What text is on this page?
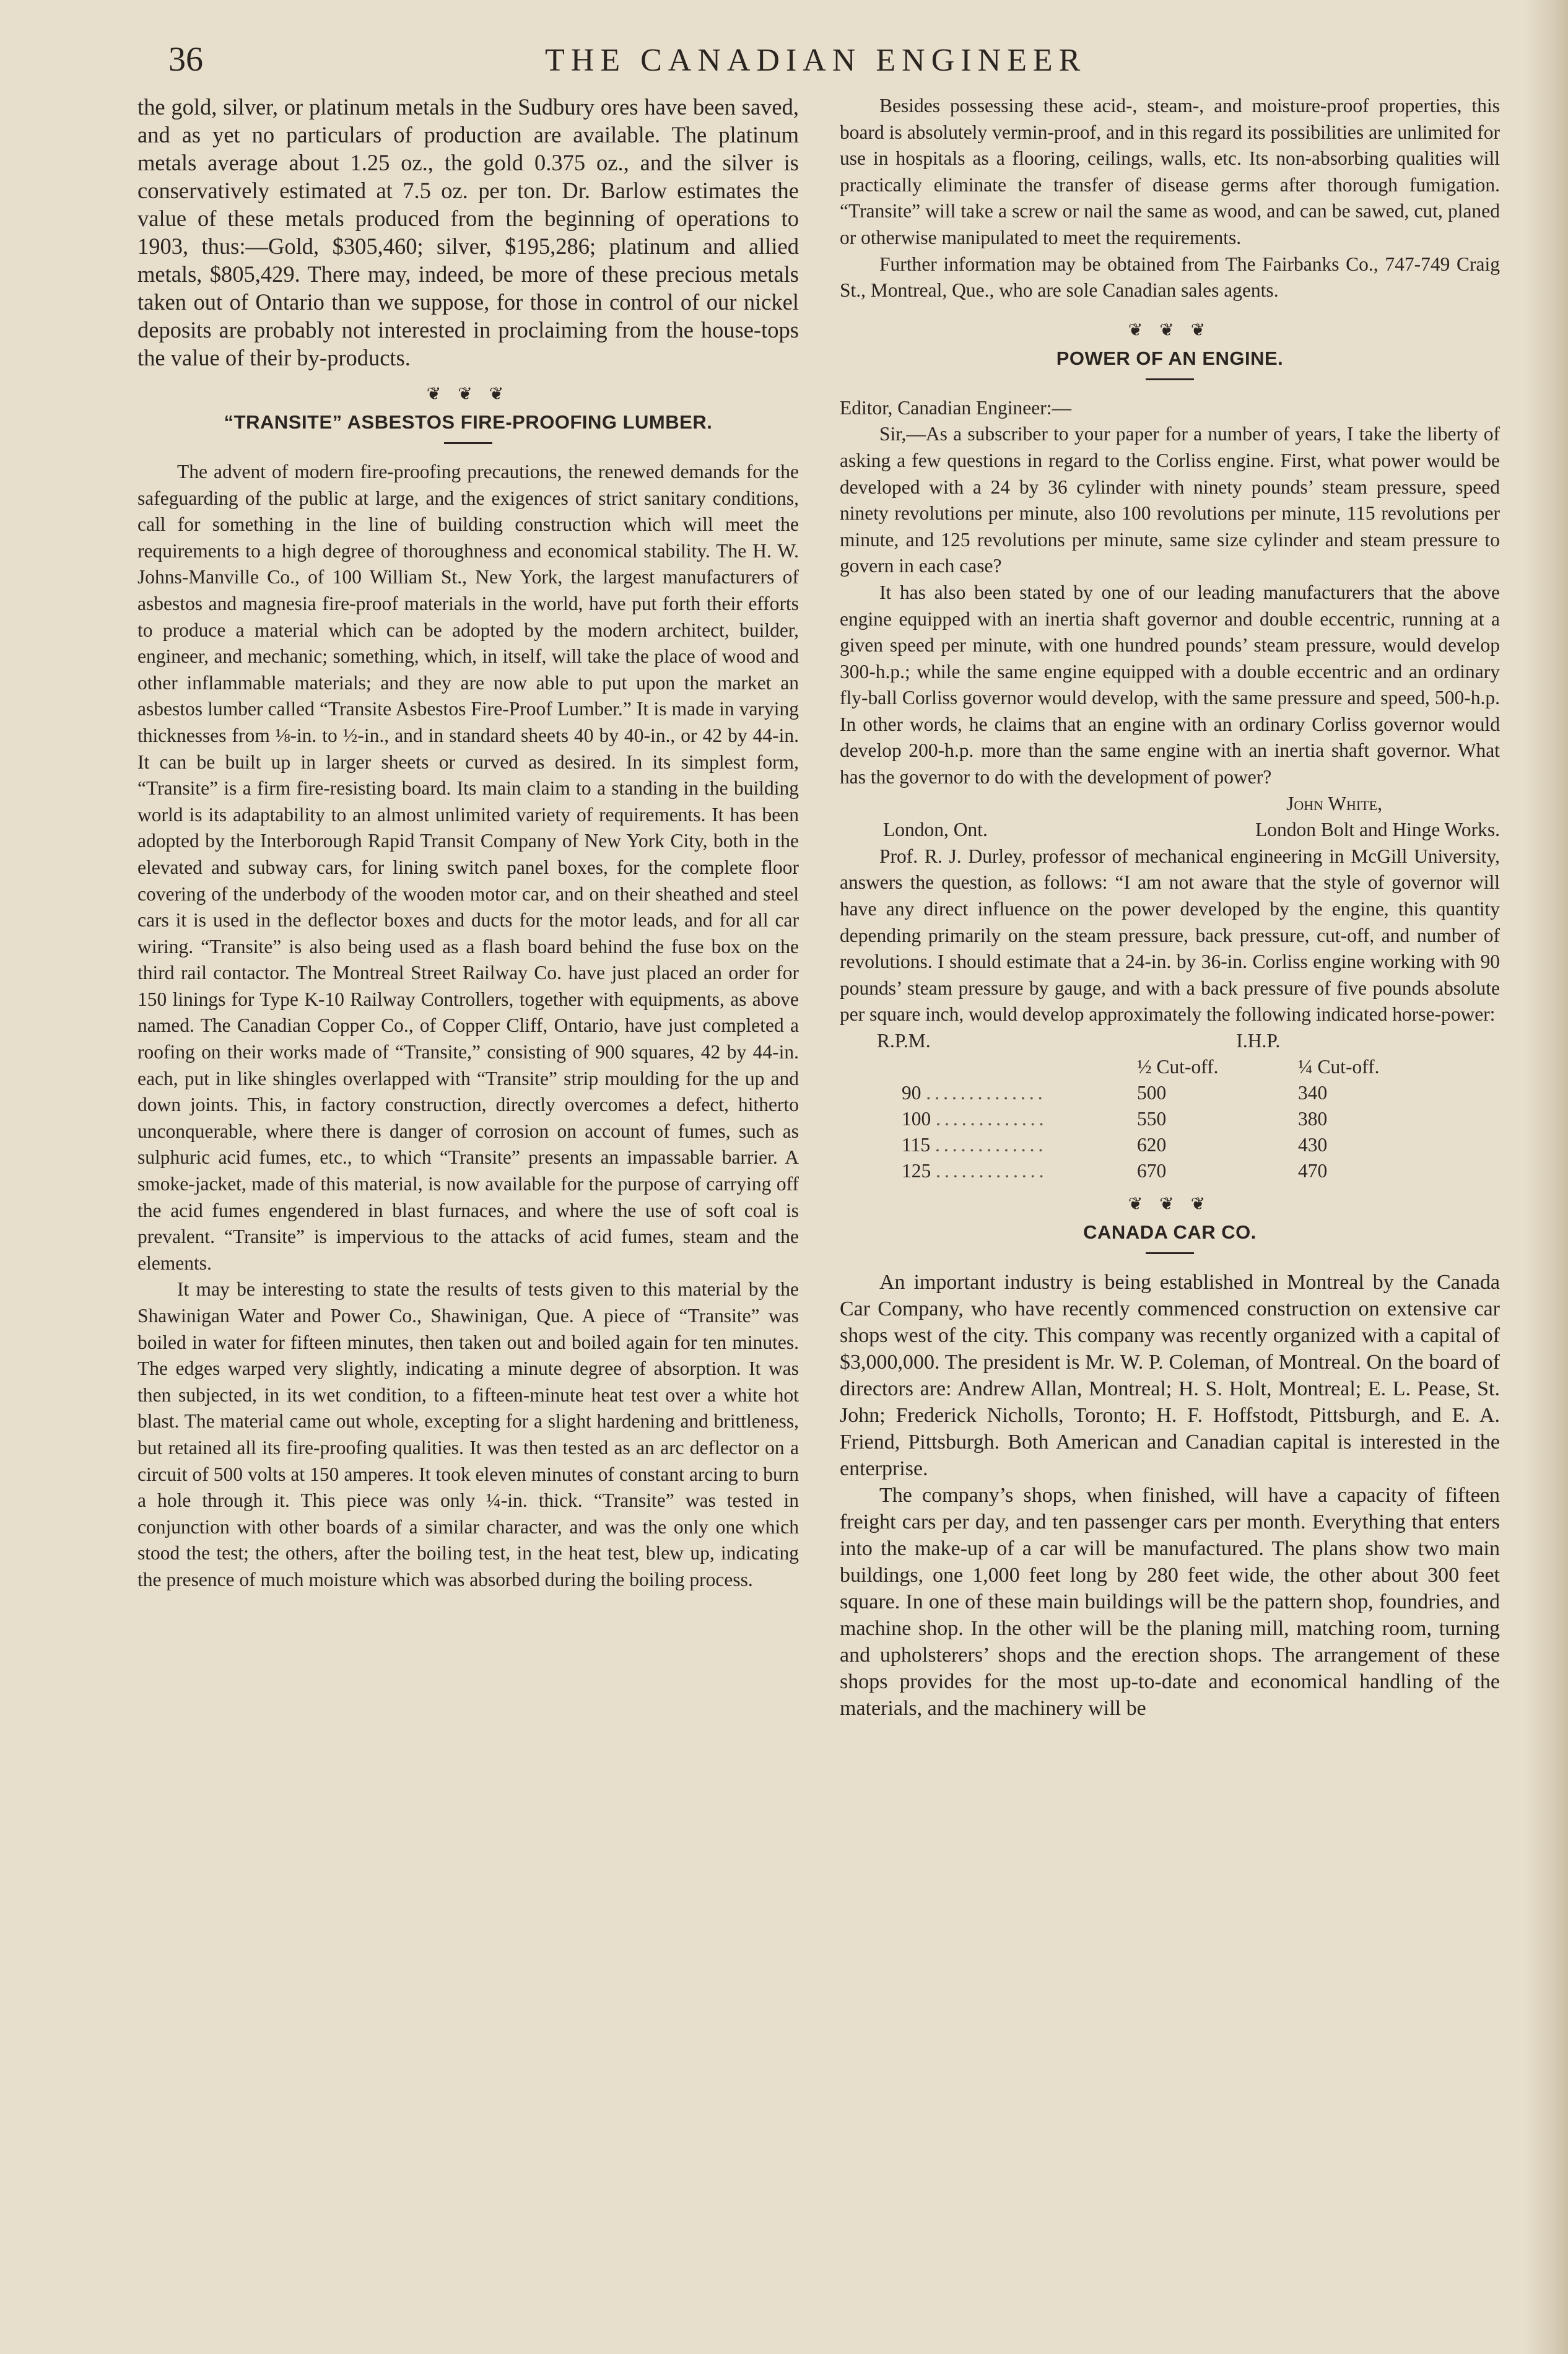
36	THE CANADIAN ENGINEER

the gold, silver, or platinum metals in the Sudbury ores have been saved, and as yet no particulars of production are available. The platinum metals average about 1.25 oz., the gold 0.375 oz., and the silver is conservatively estimated at 7.5 oz. per ton. Dr. Barlow estimates the value of these metals produced from the beginning of operations to 1903, thus:—Gold, $305,460; silver, $195,286; platinum and allied metals, $805,429. There may, indeed, be more of these precious metals taken out of Ontario than we suppose, for those in control of our nickel deposits are probably not interested in proclaiming from the house-tops the value of their by-products.

❦ ❦ ❦
“TRANSITE” ASBESTOS FIRE-PROOFING LUMBER.

The advent of modern fire-proofing precautions, the renewed demands for the safeguarding of the public at large, and the exigences of strict sanitary conditions, call for something in the line of building construction which will meet the requirements to a high degree of thoroughness and economical stability. The H. W. Johns-Manville Co., of 100 William St., New York, the largest manufacturers of asbestos and magnesia fire-proof materials in the world, have put forth their efforts to produce a material which can be adopted by the modern architect, builder, engineer, and mechanic; something, which, in itself, will take the place of wood and other inflammable materials; and they are now able to put upon the market an asbestos lumber called “Transite Asbestos Fire-Proof Lumber.” It is made in varying thicknesses from ⅛-in. to ½-in., and in standard sheets 40 by 40-in., or 42 by 44-in. It can be built up in larger sheets or curved as desired. In its simplest form, “Transite” is a firm fire-resisting board. Its main claim to a standing in the building world is its adaptability to an almost unlimited variety of requirements. It has been adopted by the Interborough Rapid Transit Company of New York City, both in the elevated and subway cars, for lining switch panel boxes, for the complete floor covering of the underbody of the wooden motor car, and on their sheathed and steel cars it is used in the deflector boxes and ducts for the motor leads, and for all car wiring. “Transite” is also being used as a flash board behind the fuse box on the third rail contactor. The Montreal Street Railway Co. have just placed an order for 150 linings for Type K-10 Railway Controllers, together with equipments, as above named. The Canadian Copper Co., of Copper Cliff, Ontario, have just completed a roofing on their works made of “Transite,” consisting of 900 squares, 42 by 44-in. each, put in like shingles overlapped with “Transite” strip moulding for the up and down joints. This, in factory construction, directly overcomes a defect, hitherto unconquerable, where there is danger of corrosion on account of fumes, such as sulphuric acid fumes, etc., to which “Transite” presents an impassable barrier. A smoke-jacket, made of this material, is now available for the purpose of carrying off the acid fumes engendered in blast furnaces, and where the use of soft coal is prevalent. “Transite” is impervious to the attacks of acid fumes, steam and the elements.

It may be interesting to state the results of tests given to this material by the Shawinigan Water and Power Co., Shawinigan, Que. A piece of “Transite” was boiled in water for fifteen minutes, then taken out and boiled again for ten minutes. The edges warped very slightly, indicating a minute degree of absorption. It was then subjected, in its wet condition, to a fifteen-minute heat test over a white hot blast. The material came out whole, excepting for a slight hardening and brittleness, but retained all its fire-proofing qualities. It was then tested as an arc deflector on a circuit of 500 volts at 150 amperes. It took eleven minutes of constant arcing to burn a hole through it. This piece was only ¼-in. thick. “Transite” was tested in conjunction with other boards of a similar character, and was the only one which stood the test; the others, after the boiling test, in the heat test, blew up, indicating the presence of much moisture which was absorbed during the boiling process.

Besides possessing these acid-, steam-, and moisture-proof properties, this board is absolutely vermin-proof, and in this regard its possibilities are unlimited for use in hospitals as a flooring, ceilings, walls, etc. Its non-absorbing qualities will practically eliminate the transfer of disease germs after thorough fumigation. “Transite” will take a screw or nail the same as wood, and can be sawed, cut, planed or otherwise manipulated to meet the requirements.

Further information may be obtained from The Fairbanks Co., 747-749 Craig St., Montreal, Que., who are sole Canadian sales agents.

❦ ❦ ❦
POWER OF AN ENGINE.

Editor, Canadian Engineer:—

Sir,—As a subscriber to your paper for a number of years, I take the liberty of asking a few questions in regard to the Corliss engine. First, what power would be developed with a 24 by 36 cylinder with ninety pounds’ steam pressure, speed ninety revolutions per minute, also 100 revolutions per minute, 115 revolutions per minute, and 125 revolutions per minute, same size cylinder and steam pressure to govern in each case?

It has also been stated by one of our leading manufacturers that the above engine equipped with an inertia shaft governor and double eccentric, running at a given speed per minute, with one hundred pounds’ steam pressure, would develop 300-h.p.; while the same engine equipped with a double eccentric and an ordinary fly-ball Corliss governor would develop, with the same pressure and speed, 500-h.p. In other words, he claims that an engine with an ordinary Corliss governor would develop 200-h.p. more than the same engine with an inertia shaft governor. What has the governor to do with the development of power?

John White,
London, Ont.	London Bolt and Hinge Works.

Prof. R. J. Durley, professor of mechanical engineering in McGill University, answers the question, as follows: “I am not aware that the style of governor will have any direct influence on the power developed by the engine, this quantity depending primarily on the steam pressure, back pressure, cut-off, and number of revolutions. I should estimate that a 24-in. by 36-in. Corliss engine working with 90 pounds’ steam pressure by gauge, and with a back pressure of five pounds absolute per square inch, would develop approximately the following indicated horse-power:

R.P.M.	I.H.P.	
	½ Cut-off.	¼ Cut-off.
90 ..............	500	340
100 .............	550	380
115 .............	620	430
125 .............	670	470
❦ ❦ ❦
CANADA CAR CO.

An important industry is being established in Montreal by the Canada Car Company, who have recently commenced construction on extensive car shops west of the city. This company was recently organized with a capital of $3,000,000. The president is Mr. W. P. Coleman, of Montreal. On the board of directors are: Andrew Allan, Montreal; H. S. Holt, Montreal; E. L. Pease, St. John; Frederick Nicholls, Toronto; H. F. Hoffstodt, Pittsburgh, and E. A. Friend, Pittsburgh. Both American and Canadian capital is interested in the enterprise.

The company’s shops, when finished, will have a capacity of fifteen freight cars per day, and ten passenger cars per month. Everything that enters into the make-up of a car will be manufactured. The plans show two main buildings, one 1,000 feet long by 280 feet wide, the other about 300 feet square. In one of these main buildings will be the pattern shop, foundries, and machine shop. In the other will be the planing mill, matching room, turning and upholsterers’ shops and the erection shops. The arrangement of these shops provides for the most up-to-date and economical handling of the materials, and the machinery will be
